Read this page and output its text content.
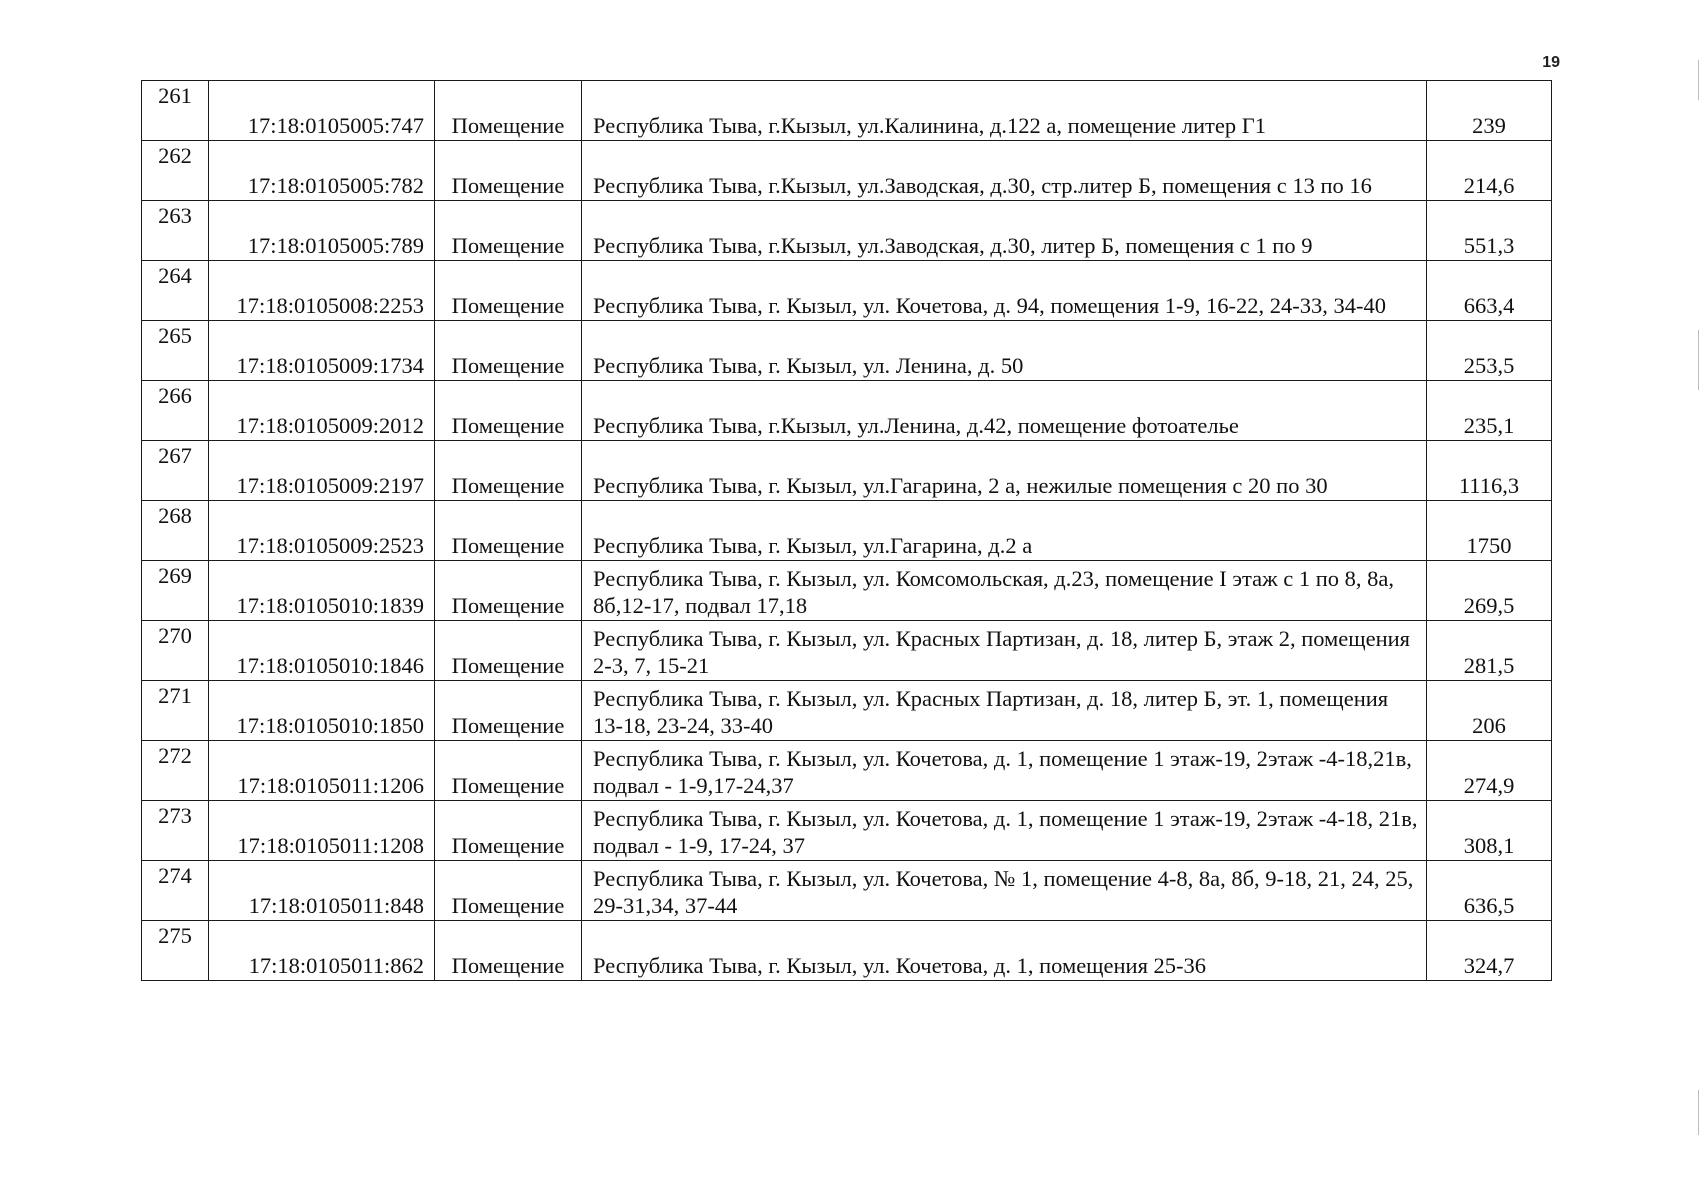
19
261	17:18:0105005:747	Помещение	Республика Тыва, г.Кызыл, ул.Калинина, д.122 а, помещение литер Г1	239
262	17:18:0105005:782	Помещение	Республика Тыва, г.Кызыл, ул.Заводская, д.30, стр.литер Б, помещения с 13 по 16	214,6
263	17:18:0105005:789	Помещение	Республика Тыва, г.Кызыл, ул.Заводская, д.30, литер Б, помещения с 1 по 9	551,3
264	17:18:0105008:2253	Помещение	Республика Тыва, г. Кызыл, ул. Кочетова, д. 94, помещения 1-9, 16-22, 24-33, 34-40	663,4
265	17:18:0105009:1734	Помещение	Республика Тыва, г. Кызыл, ул. Ленина, д. 50	253,5
266	17:18:0105009:2012	Помещение	Республика Тыва, г.Кызыл, ул.Ленина, д.42, помещение фотоателье	235,1
267	17:18:0105009:2197	Помещение	Республика Тыва, г. Кызыл, ул.Гагарина, 2 а, нежилые помещения с 20 по 30	1116,3
268	17:18:0105009:2523	Помещение	Республика Тыва, г. Кызыл, ул.Гагарина, д.2 а	1750
269	17:18:0105010:1839	Помещение	Республика Тыва, г. Кызыл, ул. Комсомольская, д.23, помещение I этаж с 1 по 8, 8а, 8б,12-17, подвал 17,18	269,5
270	17:18:0105010:1846	Помещение	Республика Тыва, г. Кызыл, ул. Красных Партизан, д. 18, литер Б, этаж 2, помещения 2-3, 7, 15-21	281,5
271	17:18:0105010:1850	Помещение	Республика Тыва, г. Кызыл, ул. Красных Партизан, д. 18, литер Б, эт. 1, помещения 13-18, 23-24, 33-40	206
272	17:18:0105011:1206	Помещение	Республика Тыва, г. Кызыл, ул. Кочетова, д. 1, помещение 1 этаж-19, 2этаж -4-18,21в, подвал - 1-9,17-24,37	274,9
273	17:18:0105011:1208	Помещение	Республика Тыва, г. Кызыл, ул. Кочетова, д. 1, помещение 1 этаж-19, 2этаж -4-18, 21в, подвал - 1-9, 17-24, 37	308,1
274	17:18:0105011:848	Помещение	Республика Тыва, г. Кызыл, ул. Кочетова, № 1, помещение 4-8, 8а, 8б, 9-18, 21, 24, 25, 29-31,34, 37-44	636,5
275	17:18:0105011:862	Помещение	Республика Тыва, г. Кызыл, ул. Кочетова, д. 1, помещения 25-36	324,7
